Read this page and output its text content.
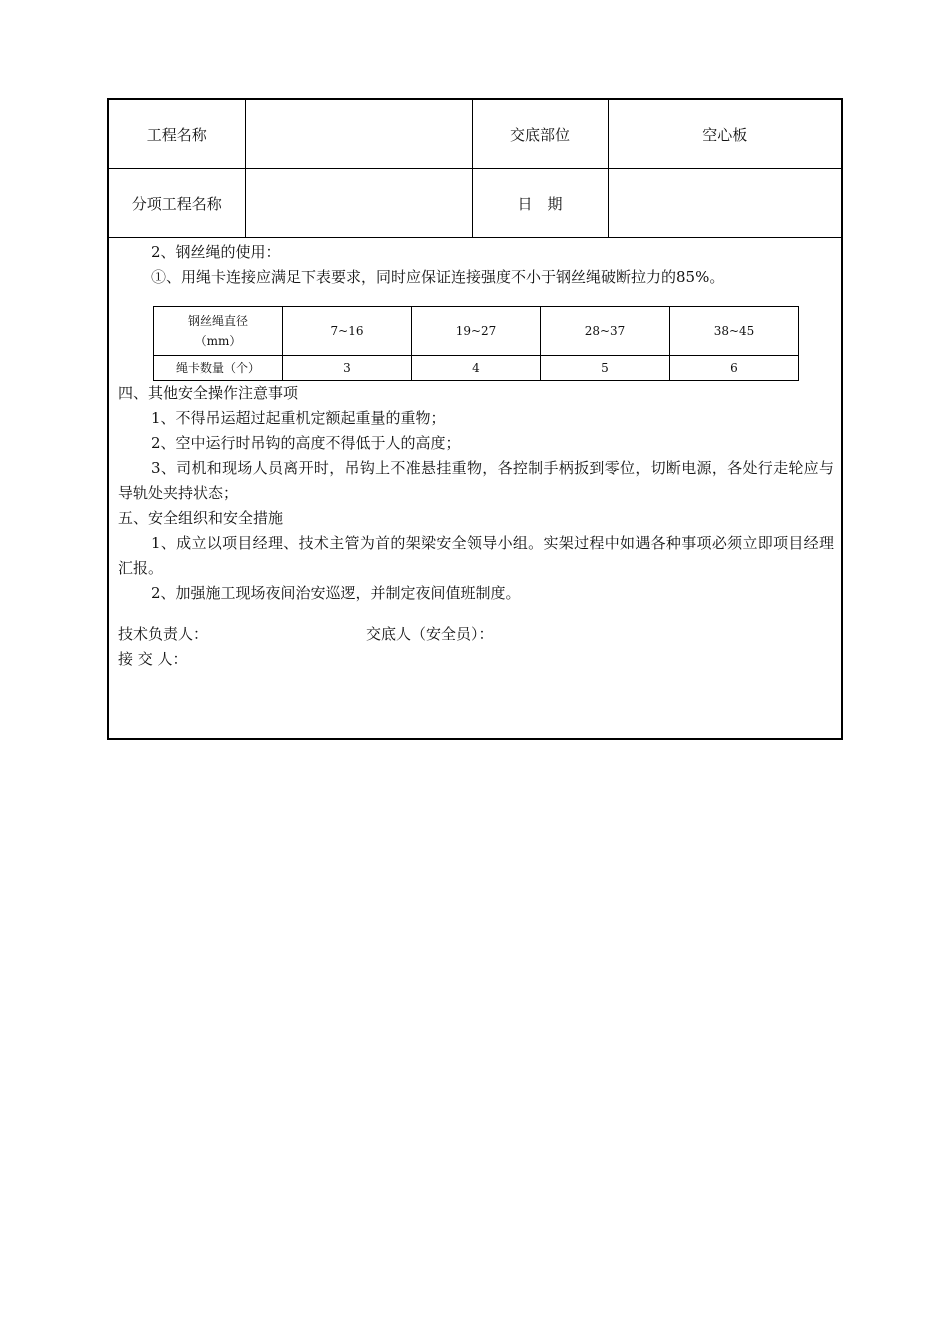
工程名称		交底部位	空心板
分项工程名称		日　期	
2、钢丝绳的使用：
①、用绳卡连接应满足下表要求，同时应保证连接强度不小于钢丝绳破断拉力的85%。
钢丝绳直径
（mm）	7~16	19~27	28~37	38~45
绳卡数量（个）	3	4	5	6
四、其他安全操作注意事项
1、不得吊运超过起重机定额起重量的重物；
2、空中运行时吊钩的高度不得低于人的高度；
3、司机和现场人员离开时，吊钩上不准悬挂重物，各控制手柄扳到零位，切断电源，各处行走轮应与导轨处夹持状态；
五、安全组织和安全措施
1、成立以项目经理、技术主管为首的架梁安全领导小组。实架过程中如遇各种事项必须立即项目经理汇报。
2、加强施工现场夜间治安巡逻，并制定夜间值班制度。
技术负责人：	交底人（安全员）：
接 交 人：
